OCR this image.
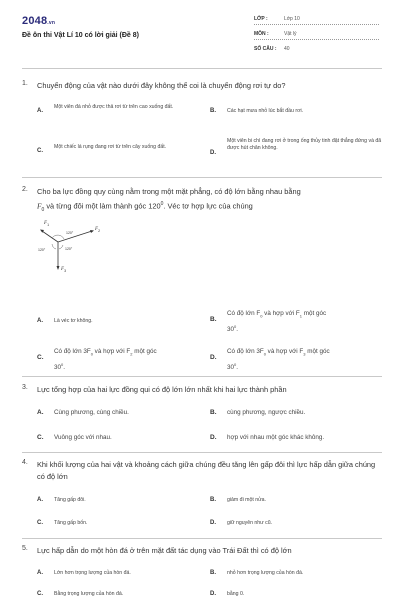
2048.vn
Đề ôn thi Vật Lí 10 có lời giải (Đề 8)
LỚP :	Lớp 10
MÔN :	Vật lý
SỐ CÂU : 40
1. Chuyển động của vật nào dưới đây không thể coi là chuyển động rơi tự do?
A.
Một viên đá nhỏ được thả rơi từ trên cao xuống đất.
B. Các hạt mưa nhỏ lúc bắt đầu rơi.
C.
Một chiếc lá rụng đang rơi từ trên cây xuống đất.
D.
Một viên bi chì đang rơi ở trong ống thủy tinh đặt thẳng đứng và đã được hút chân không.
2. Cho ba lực đồng quy cùng nằm trong một mặt phẳng, có độ lớn bằng nhau bằng
$F_0$ và từng đôi một làm thành góc $120^0$. Véc tơ hợp lực của chúng
$F_1$
$F_2$
$F_3$
120°
120°	120°
A. Là véc tơ không.	B.
Có độ lớn $F_0$ và hợp với $F_1$ một góc
$30^0$.
C.
Có độ lớn $3F_0$ và hợp với $F_2$ một góc
$30^0$.
D.
Có độ lớn $3F_0$ và hợp với $F_3$ một góc
$30^0$.
3. Lực tổng hợp của hai lực đồng qui có độ lớn lớn nhất khi hai lực thành phần
A. Cùng phương, cùng chiều.	B. cùng phương, ngược chiều.
C. Vuông góc với nhau.	D. hợp với nhau một góc khác không.
4. Khi khối lượng của hai vật và khoảng cách giữa chúng đều tăng lên gấp đôi thì lực hấp dẫn giữa chúng có độ lớn
A. Tăng gấp đôi.	B. giảm đi một nửa.
C. Tăng gấp bốn.	D. giữ nguyên như cũ.
5. Lực hấp dẫn do một hòn đá ở trên mặt đất tác dụng vào Trái Đất thì có độ lớn
A. Lớn hơn trọng lượng của hòn đá.	B. nhỏ hơn trọng lượng của hòn đá.
C. Bằng trọng lượng của hòn đá.	D. bằng 0.
